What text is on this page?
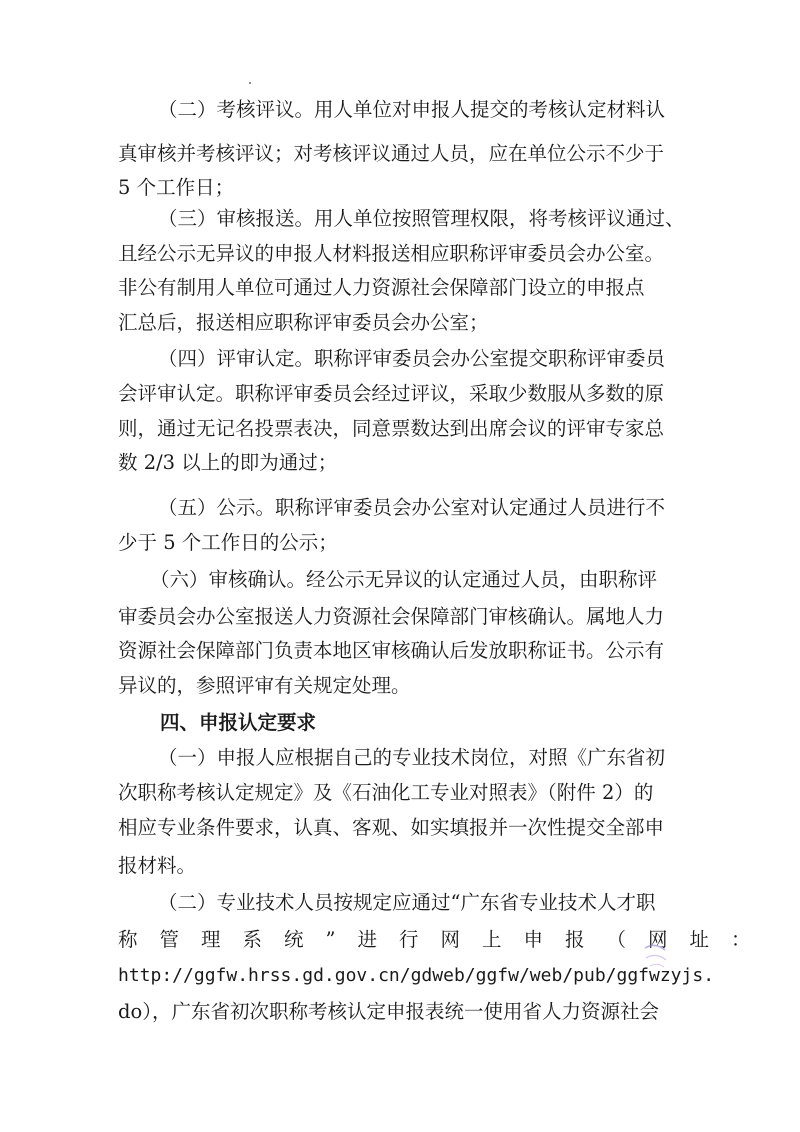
（二）考核评议。用人单位对申报人提交的考核认定材料认
真审核并考核评议；对考核评议通过人员，应在单位公示不少于
5 个工作日；
（三）审核报送。用人单位按照管理权限，将考核评议通过、
且经公示无异议的申报人材料报送相应职称评审委员会办公室。
非公有制用人单位可通过人力资源社会保障部门设立的申报点
汇总后，报送相应职称评审委员会办公室；
（四）评审认定。职称评审委员会办公室提交职称评审委员
会评审认定。职称评审委员会经过评议，采取少数服从多数的原
则，通过无记名投票表决，同意票数达到出席会议的评审专家总
数 2/3 以上的即为通过；
（五）公示。职称评审委员会办公室对认定通过人员进行不
少于 5 个工作日的公示；
（六）审核确认。经公示无异议的认定通过人员，由职称评
审委员会办公室报送人力资源社会保障部门审核确认。属地人力
资源社会保障部门负责本地区审核确认后发放职称证书。公示有
异议的，参照评审有关规定处理。
四、申报认定要求
（一）申报人应根据自己的专业技术岗位，对照《广东省初
次职称考核认定规定》及《石油化工专业对照表》（附件 2）的
相应专业条件要求，认真、客观、如实填报并一次性提交全部申
报材料。
（二）专业技术人员按规定应通过“广东省专业技术人才职
称管理系统”进行网上申报（网址：
http://ggfw.hrss.gd.gov.cn/gdweb/ggfw/web/pub/ggfwzyjs.
do），广东省初次职称考核认定申报表统一使用省人力资源社会
